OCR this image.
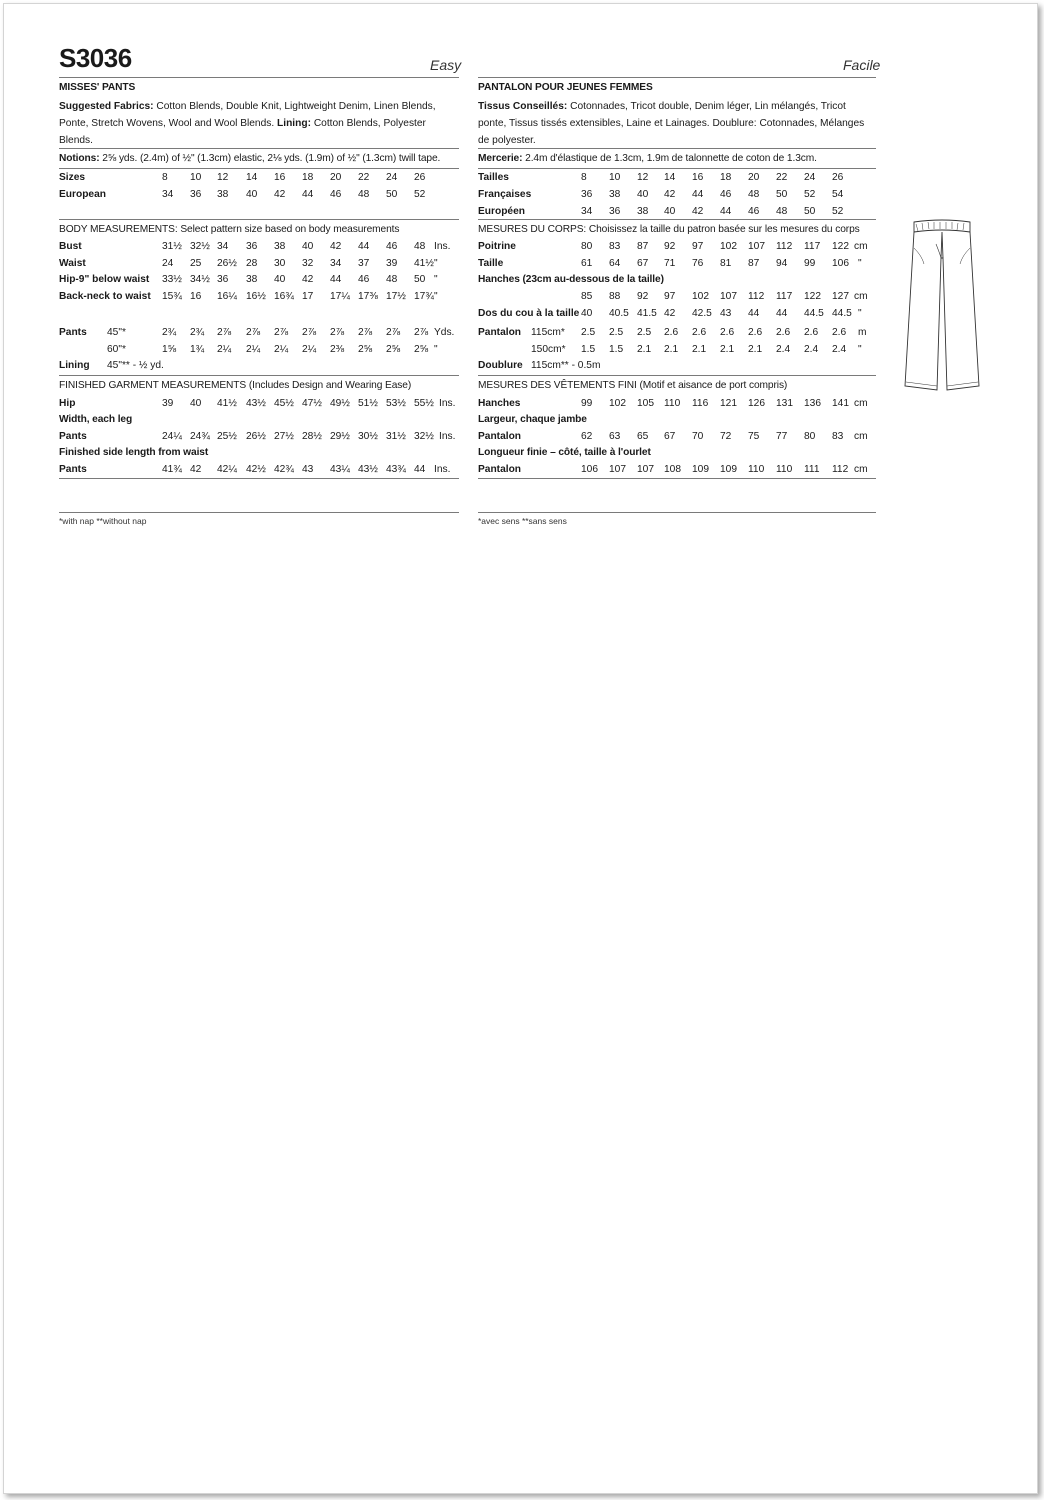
S3036	Easy
MISSES' PANTS
Suggested Fabrics: Cotton Blends, Double Knit, Lightweight Denim, Linen Blends, Ponte, Stretch Wovens, Wool and Wool Blends. Lining: Cotton Blends, Polyester Blends.
Notions: 2⅝ yds. (2.4m) of ½" (1.3cm) elastic, 2⅛ yds. (1.9m) of ½" (1.3cm) twill tape.
Sizes	8 10 12 14 16 18 20 22 24 26
European	34 36 38 40 42 44 46 48 50 52
BODY MEASUREMENTS: Select pattern size based on body measurements
Bust	31½ 32½ 34 36 38 40 42 44 46 48 Ins.
Waist	24 25 26½ 28 30 32 34 37 39 41½ "
Hip-9" below waist 33½ 34½ 36 38 40 42 44 46 48 50 "
Back-neck to waist 15¾ 16 16¼ 16½ 16¾ 17 17¼ 17⅜ 17½ 17¾ "
Pants 45"*	2¾ 2¾ 2⅞ 2⅞ 2⅞ 2⅞ 2⅞ 2⅞ 2⅞ 2⅞ Yds.
60"*	1⅝ 1¾ 2¼ 2¼ 2¼ 2¼ 2⅜ 2⅝ 2⅝ 2⅝ "
Lining 45"** - ½ yd.
FINISHED GARMENT MEASUREMENTS (Includes Design and Wearing Ease)
Hip	39 40 41½ 43½ 45½ 47½ 49½ 51½ 53½ 55½ Ins.
Width, each leg
Pants	24¼ 24¾ 25½ 26½ 27½ 28½ 29½ 30½ 31½ 32½ Ins.
Finished side length from waist
Pants	41¾ 42 42¼ 42½ 42¾ 43 43¼ 43½ 43¾ 44 Ins.
Facile
PANTALON POUR JEUNES FEMMES
Tissus Conseillés: Cotonnades, Tricot double, Denim léger, Lin mélangés, Tricot ponte, Tissus tissés extensibles, Laine et Lainages. Doublure: Cotonnades, Mélanges de polyester.
Mercerie: 2.4m d'élastique de 1.3cm, 1.9m de talonnette de coton de 1.3cm.
Tailles	8 10 12 14 16 18 20 22 24 26
Françaises	36 38 40 42 44 46 48 50 52 54
Européen	34 36 38 40 42 44 46 48 50 52
MESURES DU CORPS: Choisissez la taille du patron basée sur les mesures du corps
Poitrine	80 83 87 92 97 102 107 112 117 122 cm
Taille	61 64 67 71 76 81 87 94 99 106 "
Hanches (23cm au-dessous de la taille)
85 88 92 97 102 107 112 117 122 127 cm
Dos du cou à la taille 40 40.5 41.5 42 42.5 43 44 44 44.5 44.5 "
Pantalon 115cm* 2.5 2.5 2.5 2.6 2.6 2.6 2.6 2.6 2.6 2.6 m
150cm* 1.5 1.5 2.1 2.1 2.1 2.1 2.1 2.4 2.4 2.4 "
Doublure 115cm** - 0.5m
MESURES DES VÊTEMENTS FINI (Motif et aisance de port compris)
Hanches	99 102 105 110 116 121 126 131 136 141 cm
Largeur, chaque jambe
Pantalon	62 63 65 67 70 72 75 77 80 83 cm
Longueur finie – côté, taille à l'ourlet
Pantalon	106 107 107 108 109 109 110 110 111 112 cm
*with nap **without nap	*avec sens **sans sens
